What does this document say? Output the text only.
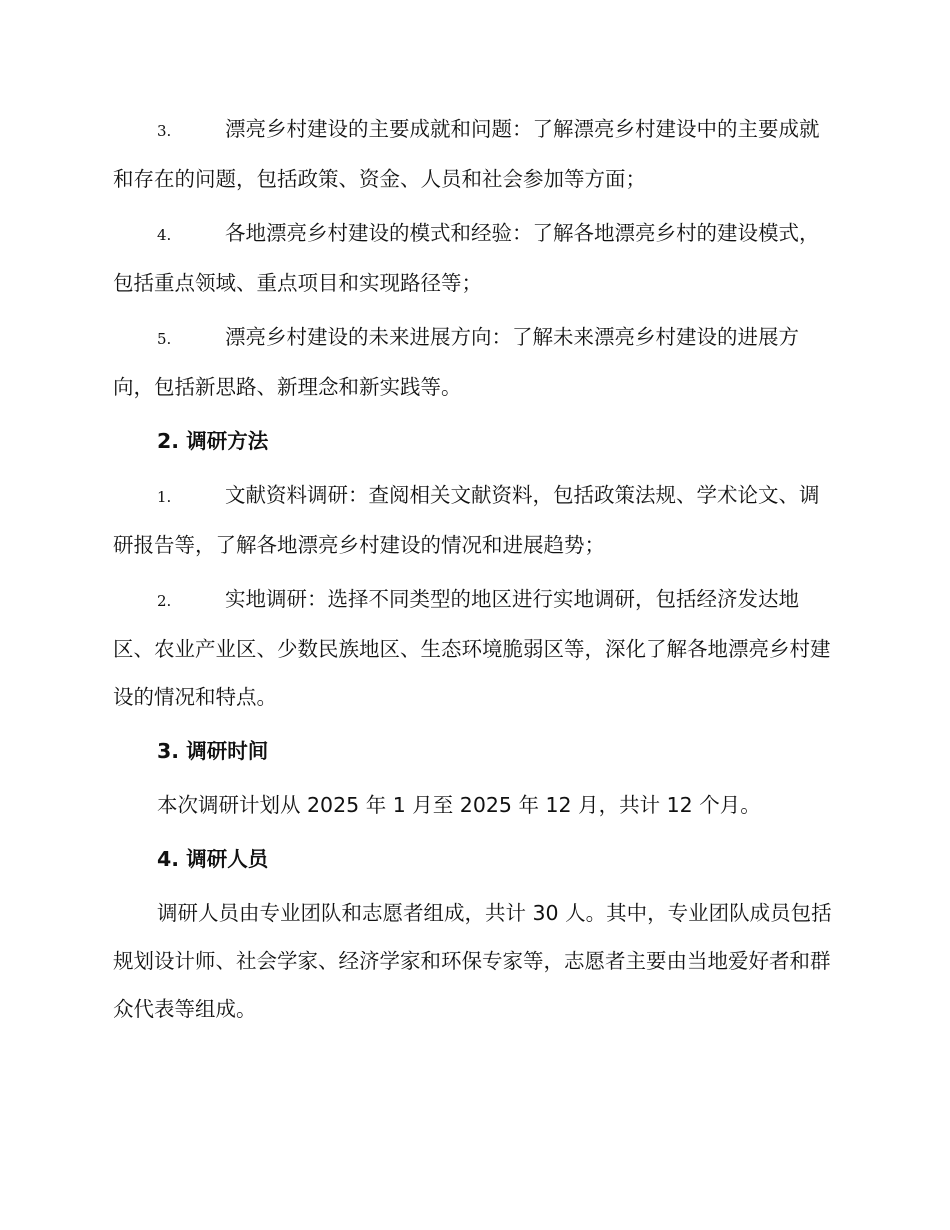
3.	漂亮乡村建设的主要成就和问题：了解漂亮乡村建设中的主要成就和存在的问题，包括政策、资金、人员和社会参加等方面；
4.	各地漂亮乡村建设的模式和经验：了解各地漂亮乡村的建设模式，包括重点领域、重点项目和实现路径等；
5.	漂亮乡村建设的未来进展方向：了解未来漂亮乡村建设的进展方向，包括新思路、新理念和新实践等。
2. 调研方法
1.	文献资料调研：查阅相关文献资料，包括政策法规、学术论文、调研报告等，了解各地漂亮乡村建设的情况和进展趋势；
2.	实地调研：选择不同类型的地区进行实地调研，包括经济发达地区、农业产业区、少数民族地区、生态环境脆弱区等，深化了解各地漂亮乡村建设的情况和特点。
3. 调研时间
本次调研计划从 2025 年 1 月至 2025 年 12 月，共计 12 个月。
4. 调研人员
调研人员由专业团队和志愿者组成，共计 30 人。其中，专业团队成员包括规划设计师、社会学家、经济学家和环保专家等，志愿者主要由当地爱好者和群众代表等组成。
